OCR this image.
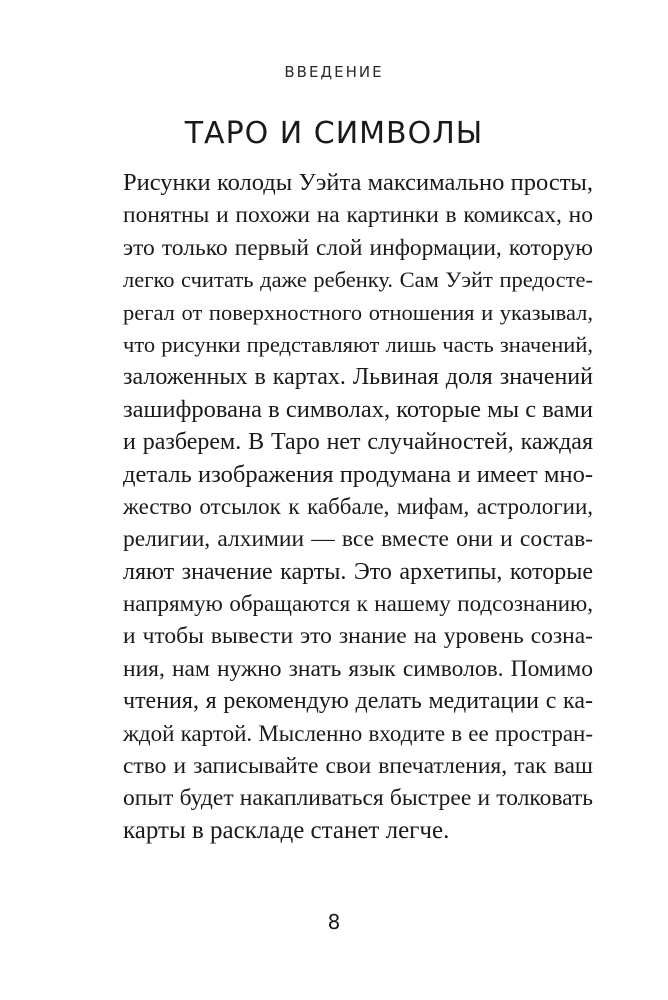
ВВЕДЕНИЕ
ТАРО И СИМВОЛЫ
Рисунки колоды Уэйта максимально просты,
понятны и похожи на картинки в комиксах, но
это только первый слой информации, которую
легко считать даже ребенку. Сам Уэйт предосте-
регал от поверхностного отношения и указывал,
что рисунки представляют лишь часть значений,
заложенных в картах. Львиная доля значений
зашифрована в символах, которые мы с вами
и разберем. В Таро нет случайностей, каждая
деталь изображения продумана и имеет мно-
жество отсылок к каббале, мифам, астрологии,
религии, алхимии — все вместе они и состав-
ляют значение карты. Это архетипы, которые
напрямую обращаются к нашему подсознанию,
и чтобы вывести это знание на уровень созна-
ния, нам нужно знать язык символов. Помимо
чтения, я рекомендую делать медитации с ка-
ждой картой. Мысленно входите в ее простран-
ство и записывайте свои впечатления, так ваш
опыт будет накапливаться быстрее и толковать
карты в раскладе станет легче.
8
